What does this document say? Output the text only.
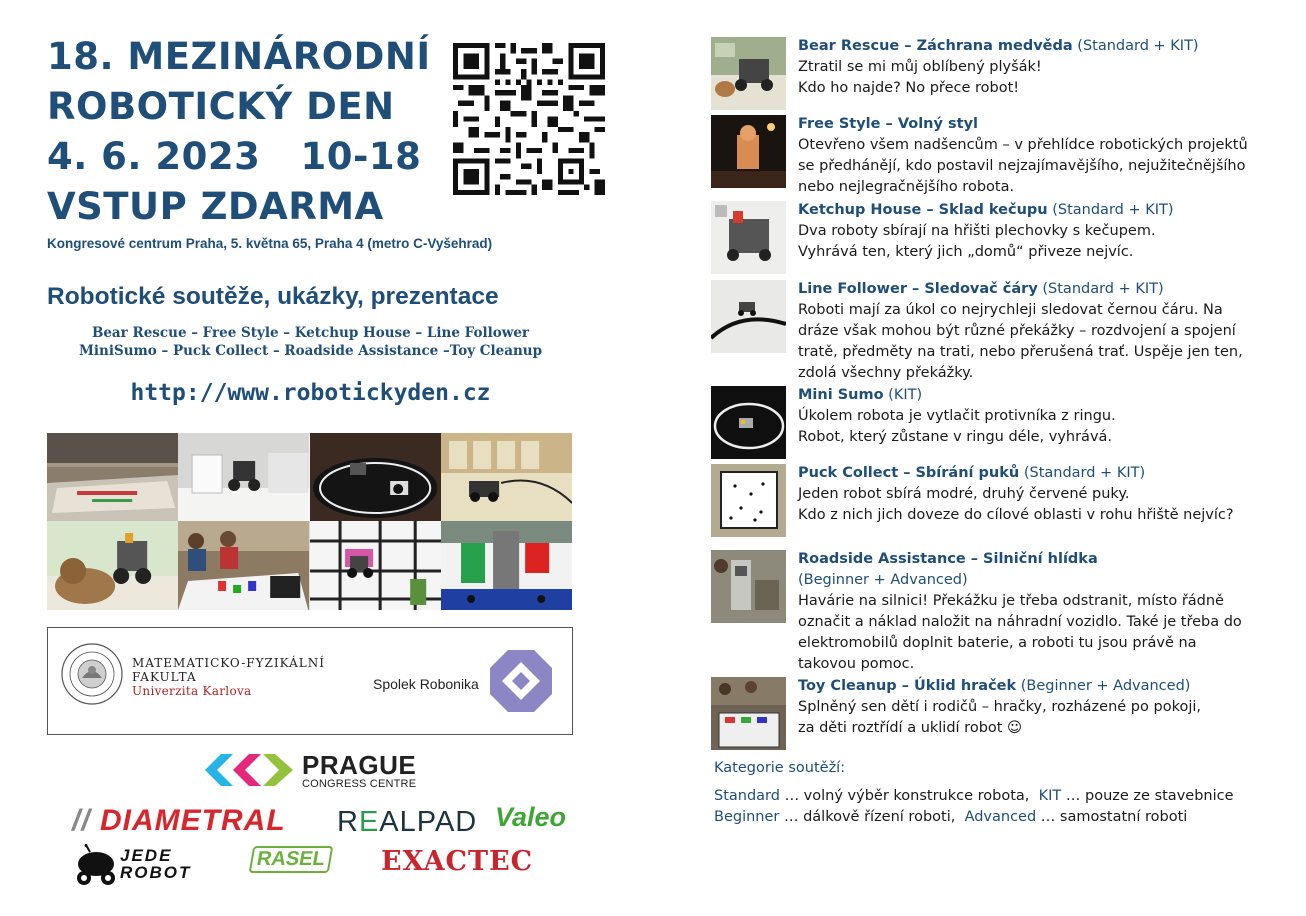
18. MEZINÁRODNÍ
ROBOTICKÝ DEN
4. 6. 2023   10-18
VSTUP ZDARMA
Kongresové centrum Praha, 5. května 65, Praha 4 (metro C-Vyšehrad)
Robotické soutěže, ukázky, prezentace
Bear Rescue – Free Style – Ketchup House – Line Follower
MiniSumo – Puck Collect – Roadside Assistance –Toy Cleanup
http://www.robotickyden.cz
MATEMATICKO-FYZIKÁLNÍ
FAKULTA
Univerzita Karlova	Spolek Robonika
PRAGUE
CONGRESS CENTRE
// DIAMETRAL REALPAD Valeo
JEDE
ROBOT
RASEL EXACTEC
Bear Rescue – Záchrana medvěda (Standard + KIT)
Ztratil se mi můj oblíbený plyšák!
Kdo ho najde? No přece robot!
Free Style – Volný styl
Otevřeno všem nadšencům – v přehlídce robotických projektů se předhánějí, kdo postavil nejzajímavějšího, nejužitečnějšího nebo nejlegračnějšího robota.
Ketchup House – Sklad kečupu (Standard + KIT)
Dva roboty sbírají na hřišti plechovky s kečupem.
Vyhrává ten, který jich „domů“ přiveze nejvíc.
Line Follower – Sledovač čáry (Standard + KIT)
Roboti mají za úkol co nejrychleji sledovat černou čáru. Na dráze však mohou být různé překážky – rozdvojení a spojení tratě, předměty na trati, nebo přerušená trať. Uspěje jen ten, zdolá všechny překážky.
Mini Sumo (KIT)
Úkolem robota je vytlačit protivníka z ringu.
Robot, který zůstane v ringu déle, vyhrává.
Puck Collect – Sbírání puků (Standard + KIT)
Jeden robot sbírá modré, druhý červené puky.
Kdo z nich jich doveze do cílové oblasti v rohu hřiště nejvíc?
Roadside Assistance – Silniční hlídka
(Beginner + Advanced)
Havárie na silnici! Překážku je třeba odstranit, místo řádně označit a náklad naložit na náhradní vozidlo. Také je třeba do elektromobilů doplnit baterie, a roboti tu jsou právě na takovou pomoc.
Toy Cleanup – Úklid hraček (Beginner + Advanced)
Splněný sen dětí i rodičů – hračky, rozházené po pokoji,
za děti roztřídí a uklidí robot ☺
Kategorie soutěží:
Standard … volný výběr konstrukce robota,  KIT … pouze ze stavebnice
Beginner … dálkově řízení roboti,  Advanced … samostatní roboti
